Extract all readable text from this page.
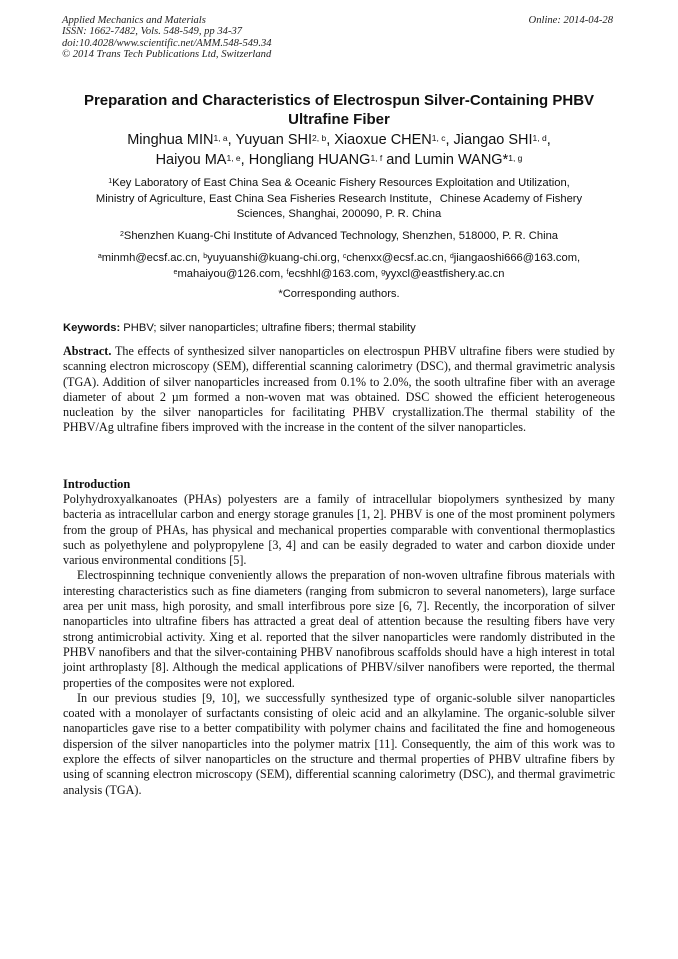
Applied Mechanics and Materials
ISSN: 1662-7482, Vols. 548-549, pp 34-37
doi:10.4028/www.scientific.net/AMM.548-549.34
© 2014 Trans Tech Publications Ltd, Switzerland
Online: 2014-04-28
Preparation and Characteristics of Electrospun Silver-Containing PHBV
Ultrafine Fiber
Minghua MIN$^{1, a}$, Yuyuan SHI$^{2, b}$, Xiaoxue CHEN$^{1, c}$, Jiangao SHI$^{1, d}$,
Haiyou MA$^{1, e}$, Hongliang HUANG$^{1, f}$ and Lumin WANG*$^{1, g}$
$^1$Key Laboratory of East China Sea & Oceanic Fishery Resources Exploitation and Utilization,
Ministry of Agriculture, East China Sea Fisheries Research Institute，Chinese Academy of Fishery
Sciences, Shanghai, 200090, P. R. China
$^2$Shenzhen Kuang-Chi Institute of Advanced Technology, Shenzhen, 518000, P. R. China
$^a$minmh@ecsf.ac.cn, $^b$yuyuanshi@kuang-chi.org, $^c$chenxx@ecsf.ac.cn, $^d$jiangaoshi666@163.com,
$^e$mahaiyou@126.com, $^f$ecshhl@163.com, $^g$yyxcl@eastfishery.ac.cn
*Corresponding authors.
Keywords: PHBV; silver nanoparticles; ultrafine fibers; thermal stability

Abstract. The effects of synthesized silver nanoparticles on electrospun PHBV ultrafine fibers were studied by scanning electron microscopy (SEM), differential scanning calorimetry (DSC), and thermal gravimetric analysis (TGA). Addition of silver nanoparticles increased from 0.1% to 2.0%, the sooth ultrafine fiber with an average diameter of about 2 µm formed a non-woven mat was obtained. DSC showed the efficient heterogeneous nucleation by the silver nanoparticles for facilitating PHBV crystallization.The thermal stability of the PHBV/Ag ultrafine fibers improved with the increase in the content of the silver nanoparticles.

Introduction

Polyhydroxyalkanoates (PHAs) polyesters are a family of intracellular biopolymers synthesized by many bacteria as intracellular carbon and energy storage granules [1, 2]. PHBV is one of the most prominent polymers from the group of PHAs, has physical and mechanical properties comparable with conventional thermoplastics such as polyethylene and polypropylene [3, 4] and can be easily degraded to water and carbon dioxide under various environmental conditions [5].

Electrospinning technique conveniently allows the preparation of non-woven ultrafine fibrous materials with interesting characteristics such as fine diameters (ranging from submicron to several nanometers), large surface area per unit mass, high porosity, and small interfibrous pore size [6, 7]. Recently, the incorporation of silver nanoparticles into ultrafine fibers has attracted a great deal of attention because the resulting fibers have very strong antimicrobial activity. Xing et al. reported that the silver nanoparticles were randomly distributed in the PHBV nanofibers and that the silver-containing PHBV nanofibrous scaffolds should have a high interest in total joint arthroplasty [8]. Although the medical applications of PHBV/silver nanofibers were reported, the thermal properties of the composites were not explored.

In our previous studies [9, 10], we successfully synthesized type of organic-soluble silver nanoparticles coated with a monolayer of surfactants consisting of oleic acid and an alkylamine. The organic-soluble silver nanoparticles gave rise to a better compatibility with polymer chains and facilitated the fine and homogeneous dispersion of the silver nanoparticles into the polymer matrix [11]. Consequently, the aim of this work was to explore the effects of silver nanoparticles on the structure and thermal properties of PHBV ultrafine fibers by using of scanning electron microscopy (SEM), differential scanning calorimetry (DSC), and thermal gravimetric analysis (TGA).
